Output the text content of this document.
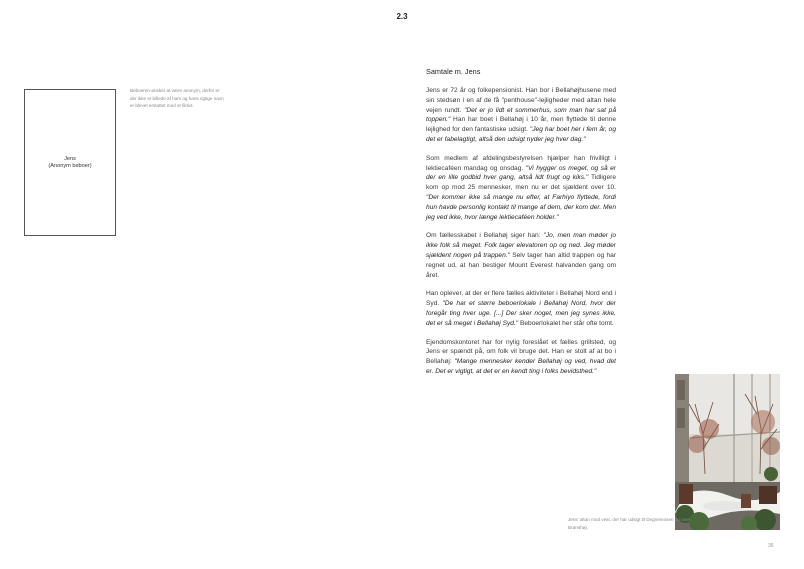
2.3
Jens
(Anonym beboer)
Beboeren ønsker at være anonym, derfor er der ikke et billede af ham og hans rigtige navn er blevet erstattet med et fiktivt.
Samtale m. Jens

Jens er 72 år og folkepensionist. Han bor i Bellahøjhusene med sin stedsøn i en af de få "penthouse"-lejligheder med altan hele vejen rundt. "Det er jo lidt et sommerhus, som man har sat på toppen." Han har boet i Bellahøj i 10 år, men flyttede til denne lejlighed for den fantastiske udsigt. "Jeg har boet her i fem år, og det er fabelagtigt, altså den udsigt nyder jeg hver dag."

Som medlem af afdelingsbestyrelsen hjælper han frivilligt i lektiecaféen mandag og onsdag. "Vi hygger os meget, og så er der en lille godbid hver gang, altså lidt frugt og kiks." Tidligere kom op mod 25 mennesker, men nu er det sjældent over 10. "Der kommer ikke så mange nu efter, at Farhiyo flyttede, fordi hun havde personlig kontakt til mange af dem, der kom der. Men jeg ved ikke, hvor længe lektiecaféen holder."

Om fællesskabet i Bellahøj siger han: "Jo, men man møder jo ikke folk så meget. Folk tager elevatoren op og ned. Jeg møder sjældent nogen på trappen." Selv tager han altid trappen og har regnet ud, at han bestiger Mount Everest halvanden gang om året.

Han oplever, at der er flere fælles aktiviteter i Bellahøj Nord end i Syd. "De har et større beboerlokale i Bellahøj Nord, hvor der foregår ting hver uge. [...] Der sker noget, men jeg synes ikke, det er så meget i Bellahøj Syd." Beboerlokalet her står ofte tomt.

Ejendomskontoret har for nylig foreslået et fælles grillsted, og Jens er spændt på, om folk vil bruge det. Han er stolt af at bo i Bellahøj: "Mange mennesker kender Bellahøj og ved, hvad det er. Det er vigtigt, at det er en kendt ting i folks bevidsthed."

Jens' altan mod vest, der har udsigt til Degnemosen og over Brønshøj.
36
